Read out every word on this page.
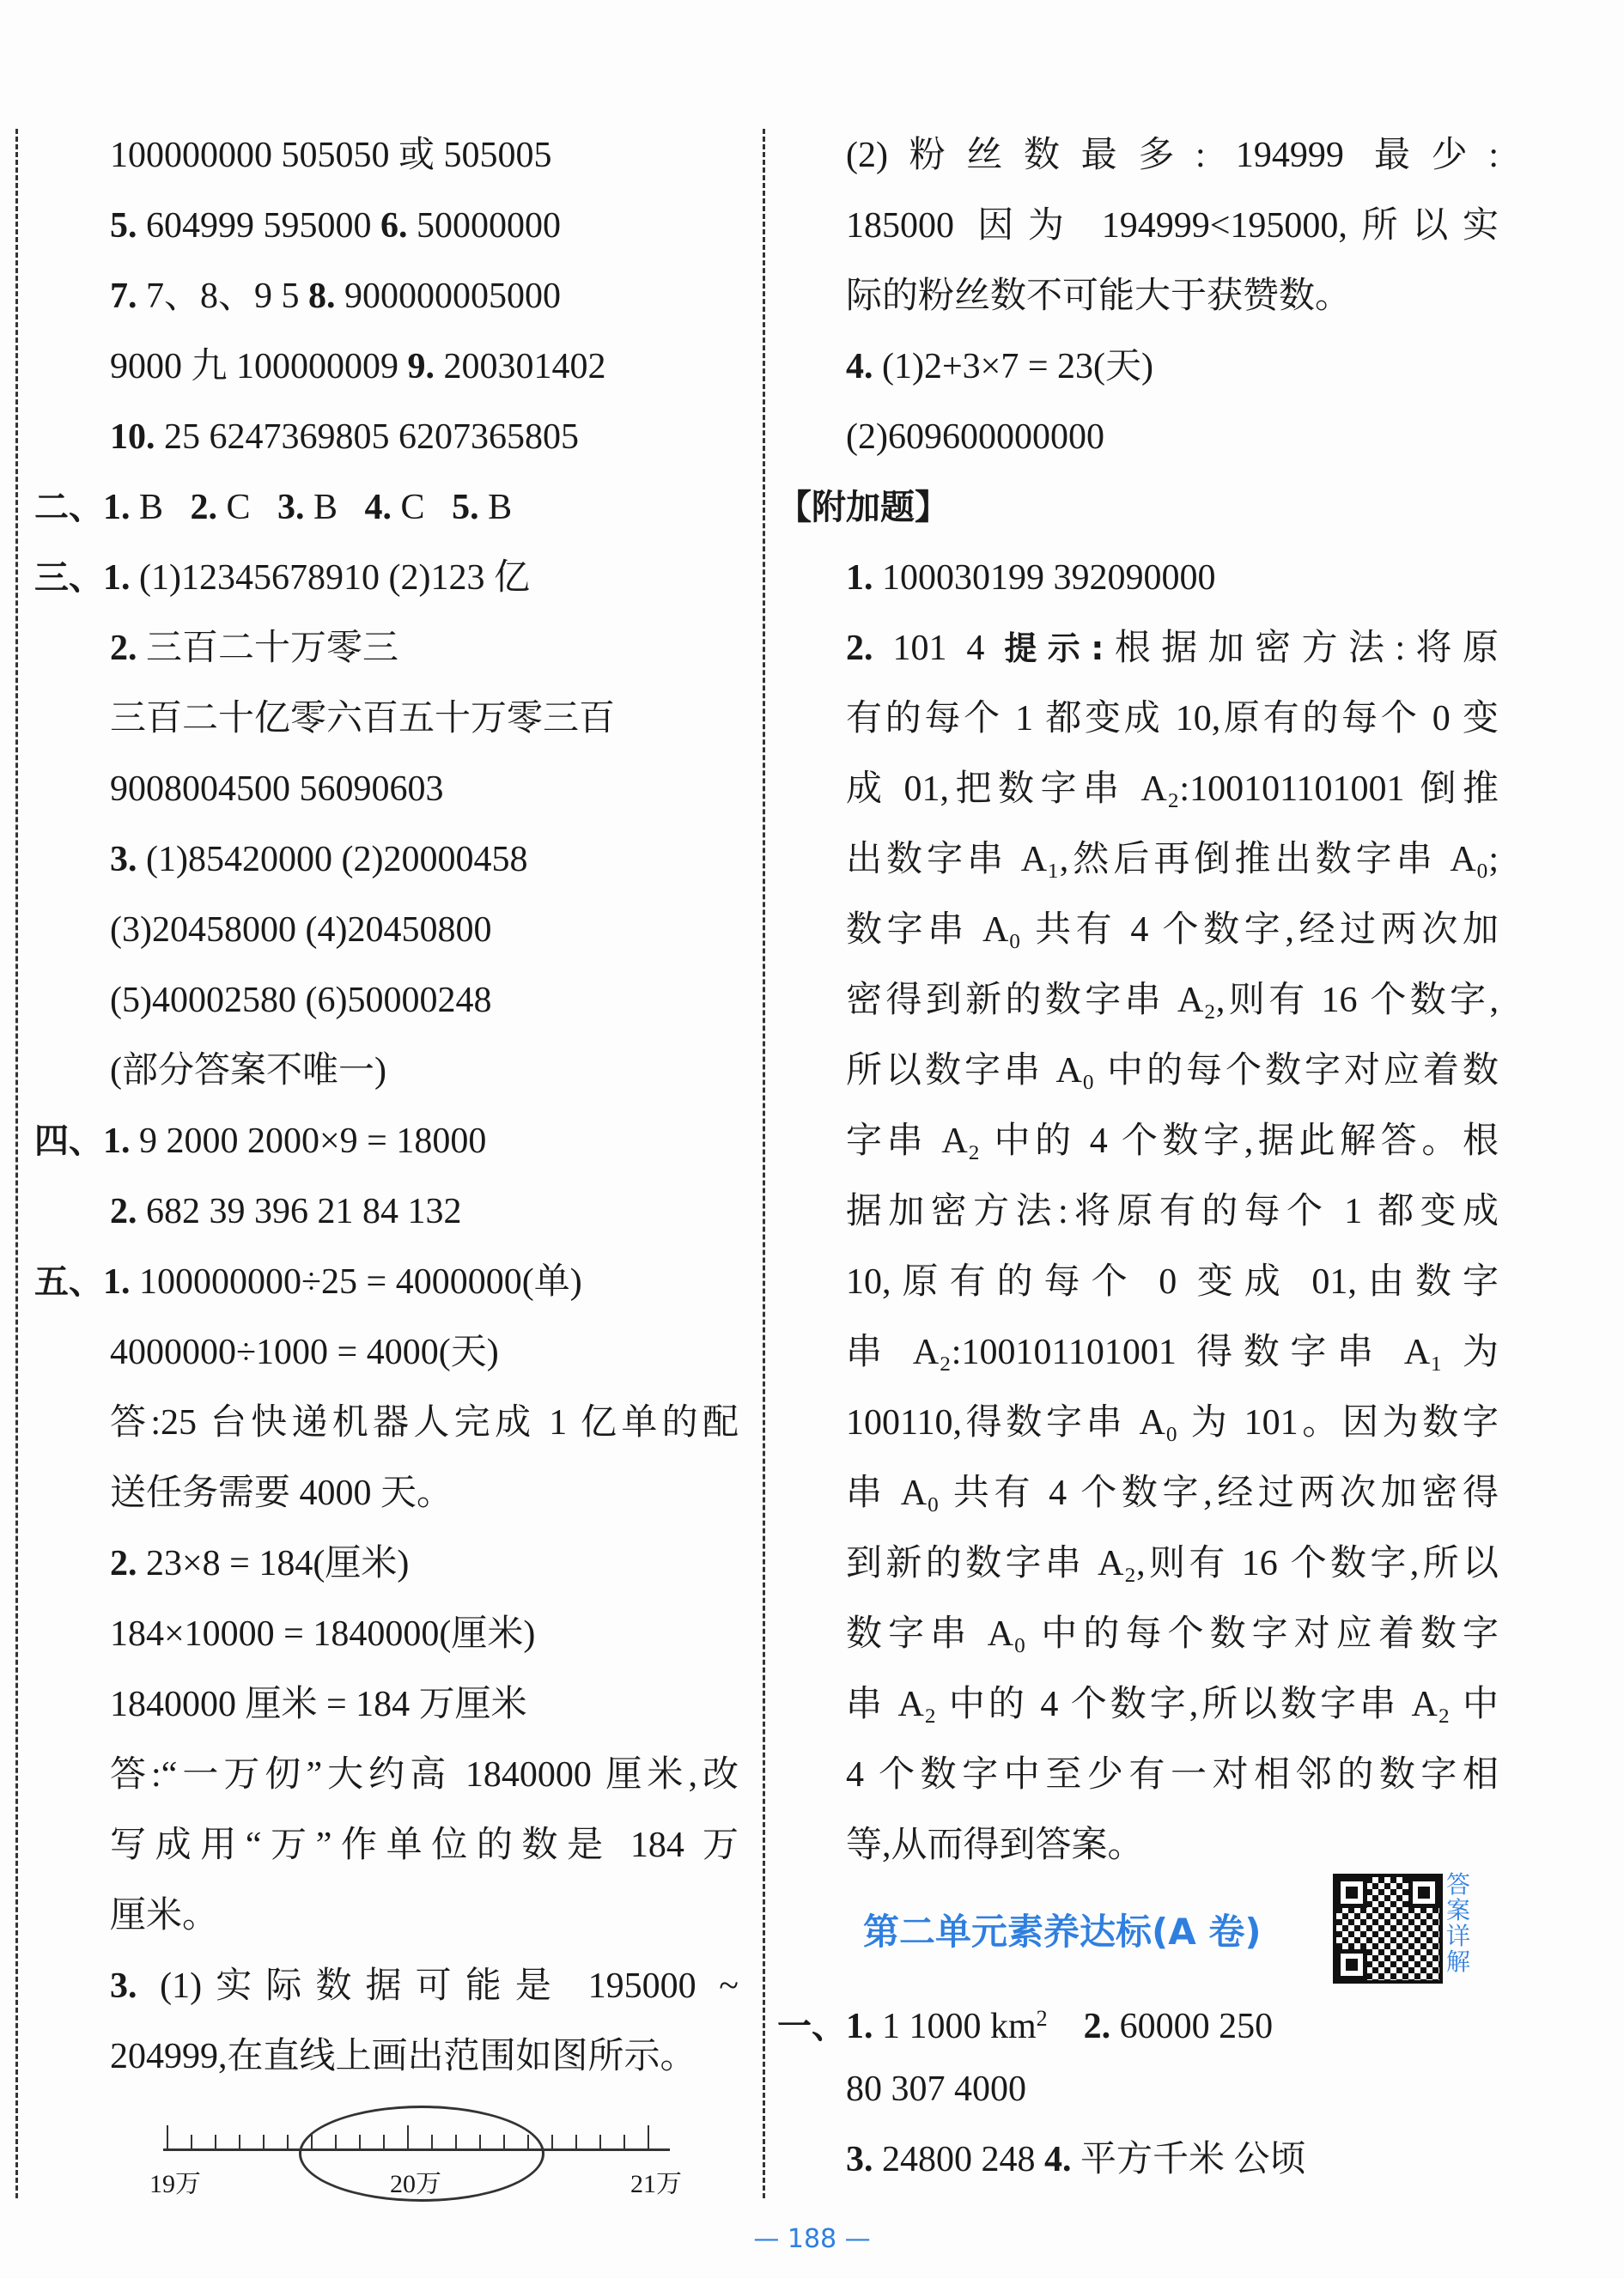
100000000 505050 或 505005
5. 604999 595000 6. 50000000
7. 7、8、9 5 8. 900000005000
9000 九 100000009 9. 200301402
10. 25 6247369805 6207365805
二、1. B 2. C 3. B 4. C 5. B
三、1. (1)12345678910 (2)123 亿
2. 三百二十万零三
三百二十亿零六百五十万零三百
9008004500 56090603
3. (1)85420000 (2)20000458
(3)20458000 (4)20450800
(5)40002580 (6)50000248
(部分答案不唯一)
四、1. 9 2000 2000×9 = 18000
2. 682 39 396 21 84 132
五、1. 100000000÷25 = 4000000(单)
4000000÷1000 = 4000(天)
答:25 台快递机器人完成 1 亿单的配
送任务需要 4000 天。
2. 23×8 = 184(厘米)
184×10000 = 1840000(厘米)
1840000 厘米 = 184 万厘米
答:“一万仞”大约高 1840000 厘米,改
写成用“万”作单位的数是 184 万
厘米。
3. (1)实际数据可能是 195000 ~
204999,在直线上画出范围如图所示。
19万	20万	21万
(2)粉丝数最多: 194999 最少:
185000 因为 194999<195000,所以实
际的粉丝数不可能大于获赞数。
4. (1)2+3×7 = 23(天)
(2)609600000000
【附加题】
1. 100030199 392090000
2. 101 4 提示:根据加密方法:将原
有的每个 1 都变成 10,原有的每个 0 变
成 01,把数字串 A₂:100101101001 倒推
出数字串 A₁,然后再倒推出数字串 A₀;
数字串 A₀ 共有 4 个数字,经过两次加
密得到新的数字串 A₂,则有 16 个数字,
所以数字串 A₀ 中的每个数字对应着数
字串 A₂ 中的 4 个数字,据此解答。根
据加密方法:将原有的每个 1 都变成
10,原有的每个 0 变成 01,由数字
串 A₂:100101101001 得数字串 A₁ 为
100110,得数字串 A₀ 为 101。因为数字
串 A₀ 共有 4 个数字,经过两次加密得
到新的数字串 A₂,则有 16 个数字,所以
数字串 A₀ 中的每个数字对应着数字
串 A₂ 中的 4 个数字,所以数字串 A₂ 中
4 个数字中至少有一对相邻的数字相
等,从而得到答案。
第二单元素养达标(A 卷)
一、1. 1 1000 $km^2$ 2. 60000 250
80 307 4000
3. 24800 248 4. 平方千米 公顷
答案详解
— 188 —
